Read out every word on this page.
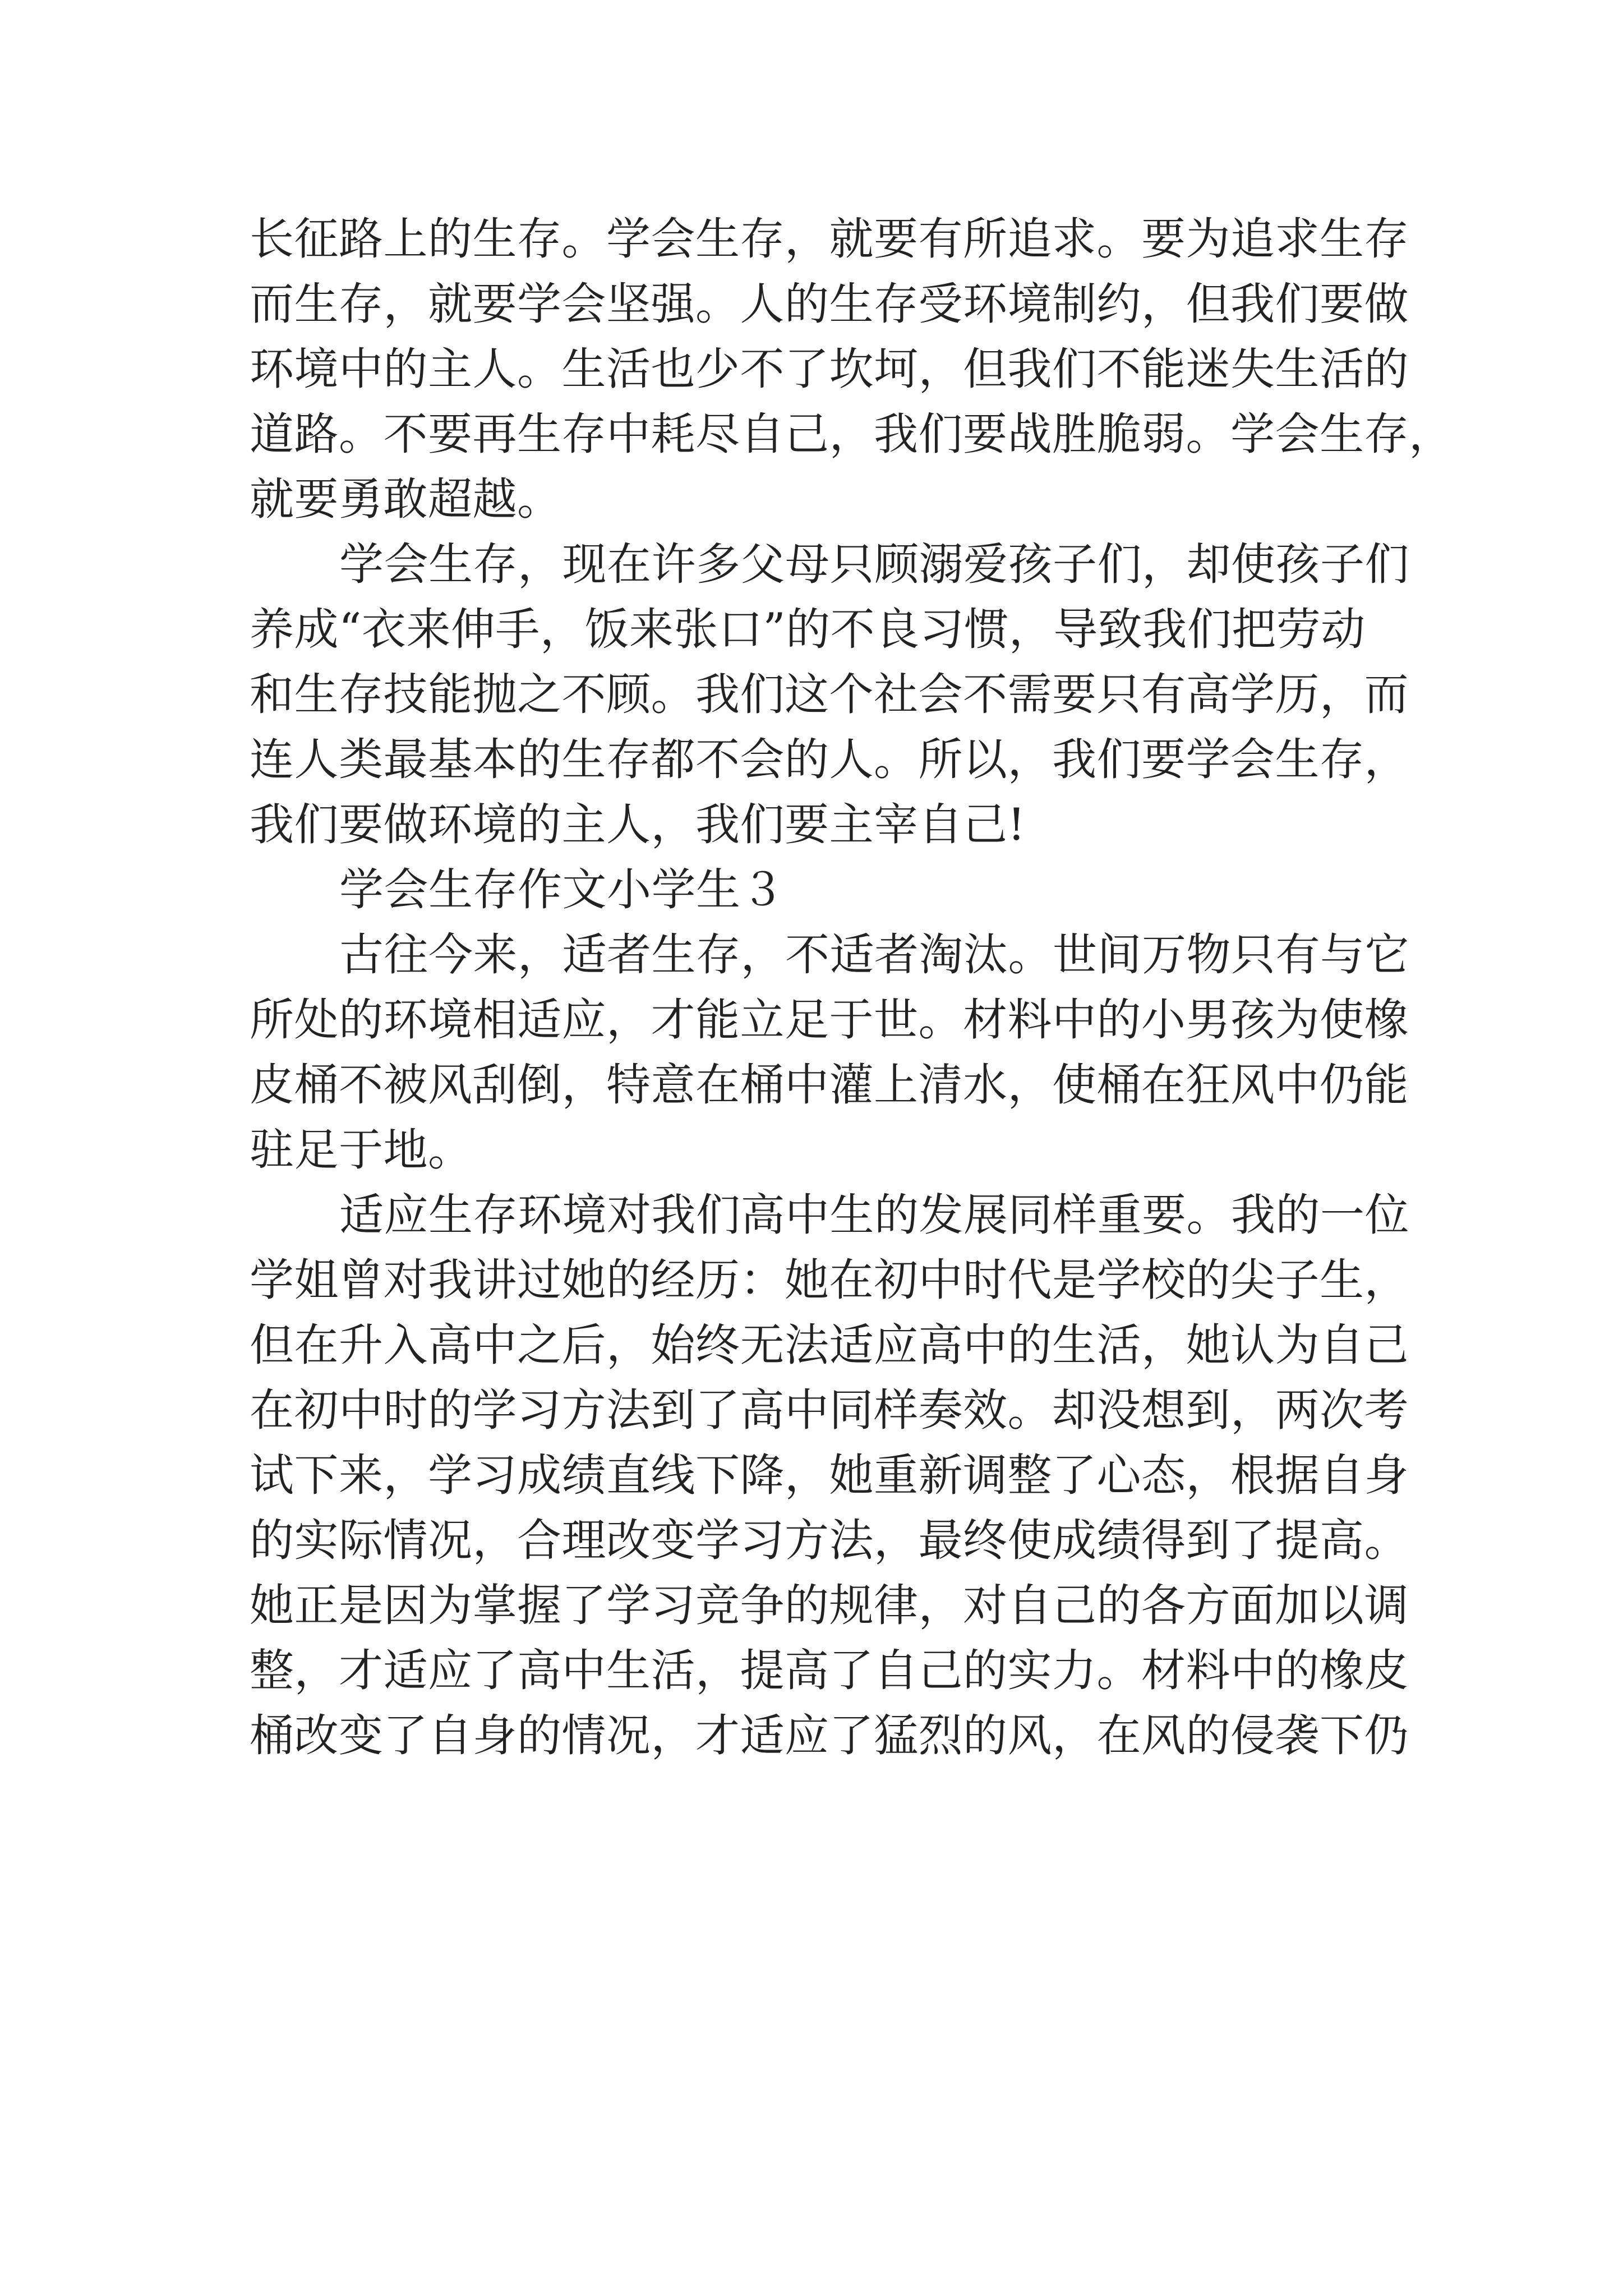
长征路上的生存。学会生存，就要有所追求。要为追求生存
而生存，就要学会坚强。人的生存受环境制约，但我们要做
环境中的主人。生活也少不了坎坷，但我们不能迷失生活的
道路。不要再生存中耗尽自己，我们要战胜脆弱。学会生存，
就要勇敢超越。

学会生存，现在许多父母只顾溺爱孩子们，却使孩子们
养成“衣来伸手，饭来张口”的不良习惯，导致我们把劳动
和生存技能抛之不顾。我们这个社会不需要只有高学历，而
连人类最基本的生存都不会的人。所以，我们要学会生存，
我们要做环境的主人，我们要主宰自己!

学会生存作文小学生３

古往今来，适者生存，不适者淘汰。世间万物只有与它
所处的环境相适应，才能立足于世。材料中的小男孩为使橡
皮桶不被风刮倒，特意在桶中灌上清水，使桶在狂风中仍能
驻足于地。

适应生存环境对我们高中生的发展同样重要。我的一位
学姐曾对我讲过她的经历：她在初中时代是学校的尖子生，
但在升入高中之后，始终无法适应高中的生活，她认为自己
在初中时的学习方法到了高中同样奏效。却没想到，两次考
试下来，学习成绩直线下降，她重新调整了心态，根据自身
的实际情况，合理改变学习方法，最终使成绩得到了提高。
她正是因为掌握了学习竞争的规律，对自己的各方面加以调
整，才适应了高中生活，提高了自己的实力。材料中的橡皮
桶改变了自身的情况，才适应了猛烈的风，在风的侵袭下仍
